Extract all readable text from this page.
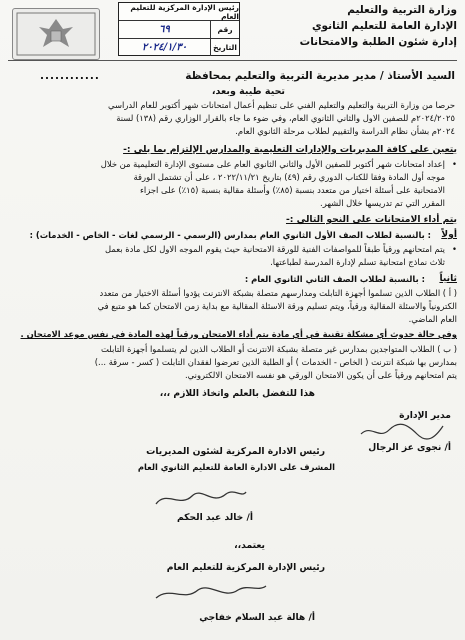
وزارة التربية والتعليم
الإدارة العامة للتعليم الثانوي
إدارة شئون الطلبة والامتحانات
رئيس الإدارة المركزية للتعليم العام
رقم
٦٩
التاريخ
٢٠٢٤/١/٣٠
السيد الأستاذ / مدير مديرية التربية والتعليم بمحافظة
............
تحية طيبة وبعد،
حرصا من وزارة التربية والتعليم والتعليم الفني على تنظيم أعمال امتحانات شهر أكتوبر للعام الدراسي
٢٠٢٤/٢٠٢٥م للصفين الاول والثاني الثانوي العام، وفي ضوء ما جاء بالقرار الوزاري رقم (١٣٨) لسنة
٢٠٢٤م بشأن نظام الدراسة والتقييم لطلاب مرحلة الثانوي العام.
يتعين على كافة المديريات والإدارات التعليمية والمدارس الإلتزام بما يلي :-
•
إعداد امتحانات شهر أكتوبر للصفين الأول والثاني الثانوي العام على مستوى الإدارة التعليمية من خلال
موجه أول المادة وفقا للكتاب الدوري رقم (٤٩) بتاريخ ٢٠٢٢/١١/٢١ ، على أن تشتمل الورقة
الامتحانية على أسئلة اختيار من متعدد بنسبة (٨٥٪) وأسئلة مقالية بنسبة (١٥٪) على اجزاء
المقرر التي تم تدريسها خلال الشهر.
يتم أداء الامتحانات على النحو التالي :-
أولاً
: بالنسبة لطلاب الصف الأول الثانوي العام بمدارس (الرسمي - الرسمي لغات - الخاص - الخدمات) :
•
يتم امتحانهم ورقياً طبقاً للمواصفات الفنية للورقة الامتحانية حيث يقوم الموجه الاول لكل مادة بعمل
ثلاث نماذج امتحانية تسلم لإدارة المدرسة لطباعتها.
ثانياً
: بالنسبة لطلاب الصف الثاني الثانوي العام :
( أ ) الطلاب الذين تسلموا أجهزة التابلت ومدارسهم متصلة بشبكة الانترنت يؤدوا أسئلة الاختيار من متعدد
الكترونياً والاسئلة المقالية ورقياً، ويتم تسليم ورقة الاسئلة المقالية مع بداية زمن الامتحان كما هو متبع في
العام الماضي.
وفي حالة حدوث أي مشكلة تقنية في أي مادة يتم أداء الامتحان ورقياً لهذه المادة في نفس موعد الامتحان .
( ب ) الطلاب المتواجدين بمدارس غير متصلة بشبكة الانترنت أو الطلاب الذين لم يتسلموا أجهزة التابلت
بمدارس بها شبكة انترنت ( الخاص - الخدمات ) أو الطلبة الذين تعرضوا لفقدان التابلت ( كسر - سرقة ...)
يتم امتحانهم ورقياً على أن يكون الامتحان الورقي هو نفسه الامتحان الالكتروني.
هذا للتفضل بالعلم واتخاذ اللازم ،،،
مدير الإدارة
أ/ نجوى عز الرجال
رئيس الادارة المركزية لشئون المديريات
المشرف على الادارة العامة للتعليم الثانوي العام
أ/ خالد عبد الحكم
يعتمد،،
رئيس الإدارة المركزية للتعليم العام
أ/ هالة عبد السلام خفاجي
